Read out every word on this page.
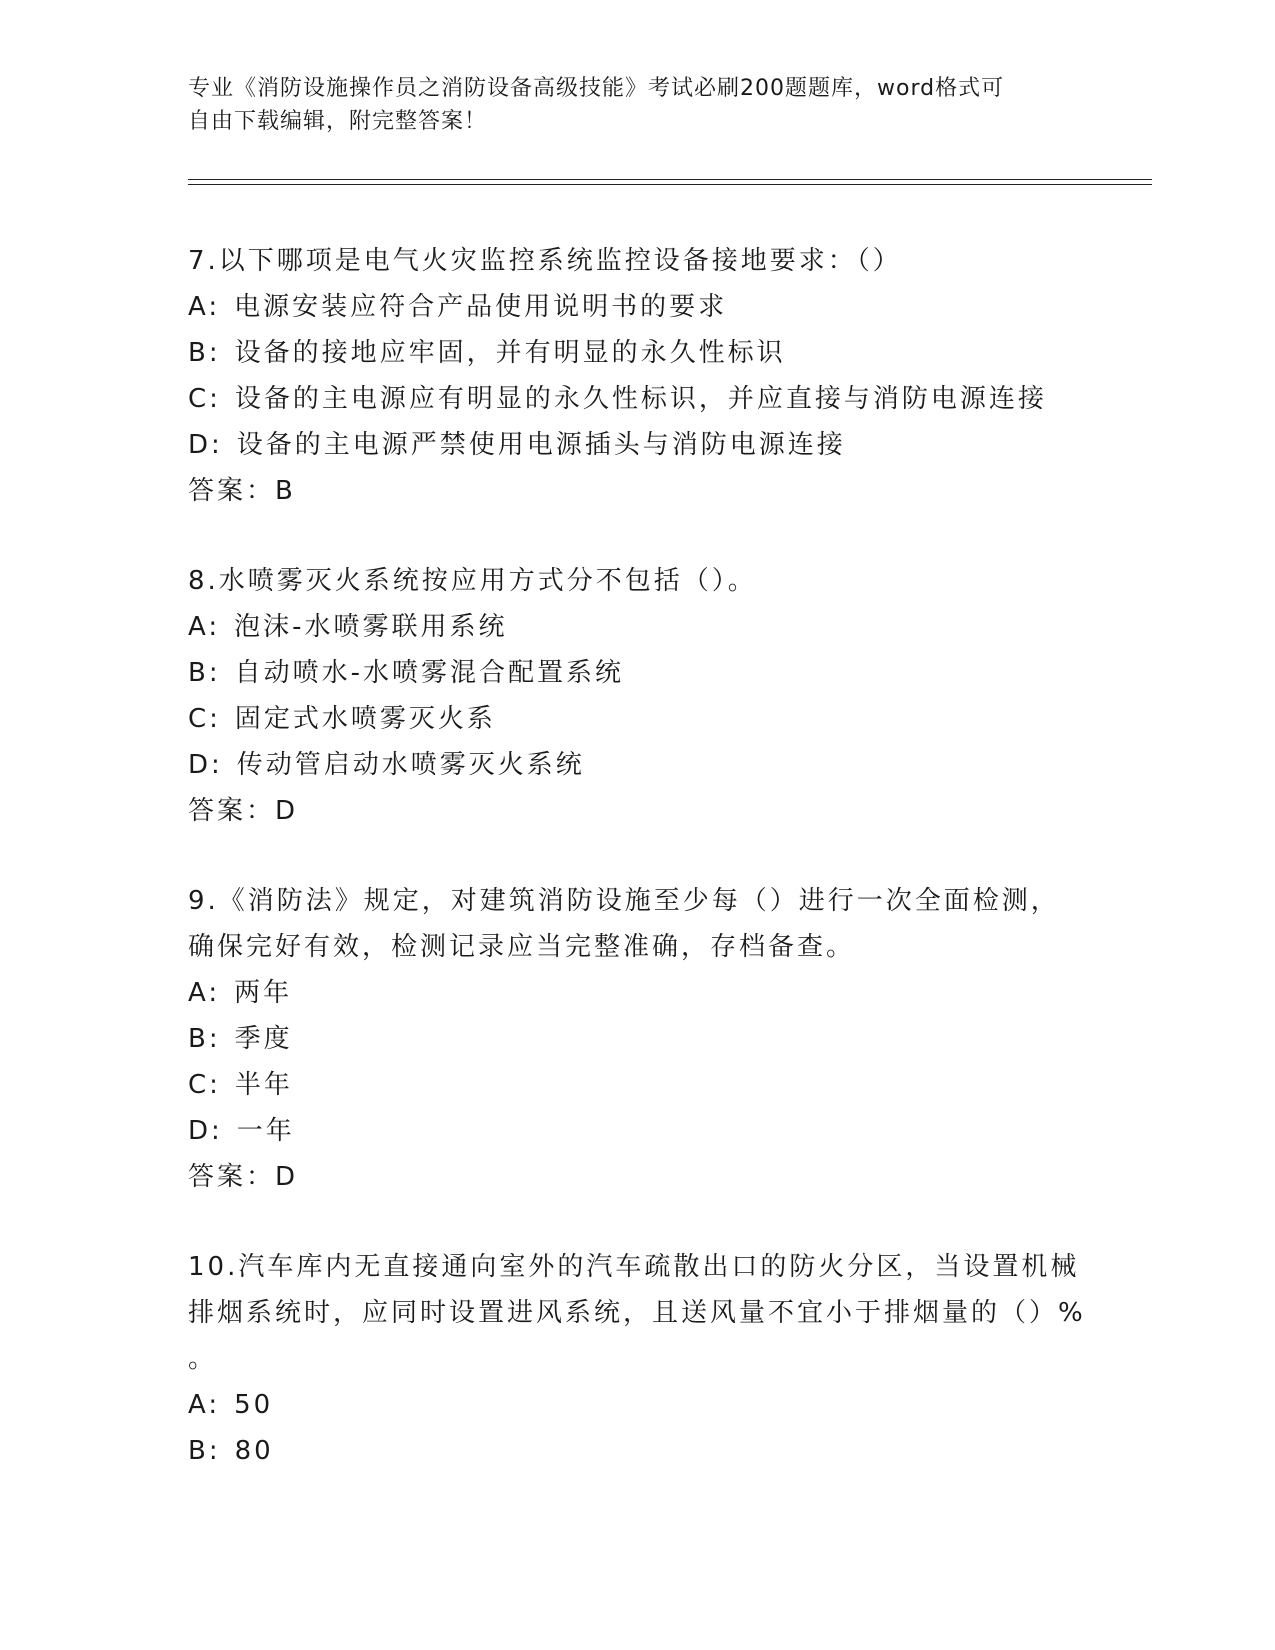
专业《消防设施操作员之消防设备高级技能》考试必刷200题题库，word格式可
自由下载编辑，附完整答案！
7.以下哪项是电气火灾监控系统监控设备接地要求：（）
A: 电源安装应符合产品使用说明书的要求
B: 设备的接地应牢固，并有明显的永久性标识
C: 设备的主电源应有明显的永久性标识，并应直接与消防电源连接
D: 设备的主电源严禁使用电源插头与消防电源连接
答案：B
8.水喷雾灭火系统按应用方式分不包括（）。
A: 泡沫-水喷雾联用系统
B: 自动喷水-水喷雾混合配置系统
C: 固定式水喷雾灭火系
D: 传动管启动水喷雾灭火系统
答案：D
9.《消防法》规定，对建筑消防设施至少每（）进行一次全面检测，
确保完好有效，检测记录应当完整准确，存档备查。
A: 两年
B: 季度
C: 半年
D: 一年
答案：D
10.汽车库内无直接通向室外的汽车疏散出口的防火分区，当设置机械
排烟系统时，应同时设置进风系统，且送风量不宜小于排烟量的（）%
。
A: 50
B: 80
